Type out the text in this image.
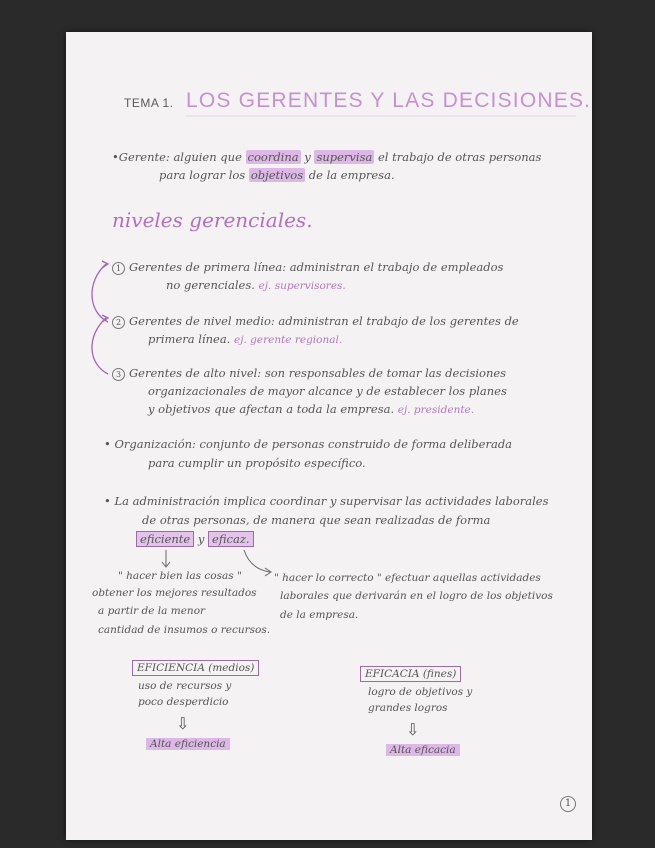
TEMA 1. LOS GERENTES Y LAS DECISIONES.
•Gerente: alguien que coordina y supervisa el trabajo de otras personas
para lograr los objetivos de la empresa.
niveles gerenciales.
1 Gerentes de primera línea: administran el trabajo de empleados
no gerenciales. ej. supervisores.
2 Gerentes de nivel medio: administran el trabajo de los gerentes de
primera línea. ej. gerente regional.
3 Gerentes de alto nivel: son responsables de tomar las decisiones
organizacionales de mayor alcance y de establecer los planes
y objetivos que afectan a toda la empresa. ej. presidente.
• Organización: conjunto de personas construido de forma deliberada
para cumplir un propósito específico.
• La administración implica coordinar y supervisar las actividades laborales
de otras personas, de manera que sean realizadas de forma
eficiente y eficaz.
" hacer bien las cosas "
obtener los mejores resultados
a partir de la menor
cantidad de insumos o recursos.
" hacer lo correcto " efectuar aquellas actividades
laborales que derivarán en el logro de los objetivos
de la empresa.
EFICIENCIA (medios)
uso de recursos y
poco desperdicio
⇩
Alta eficiencia
EFICACIA (fines)
logro de objetivos y
grandes logros
⇩
Alta eficacia
1
